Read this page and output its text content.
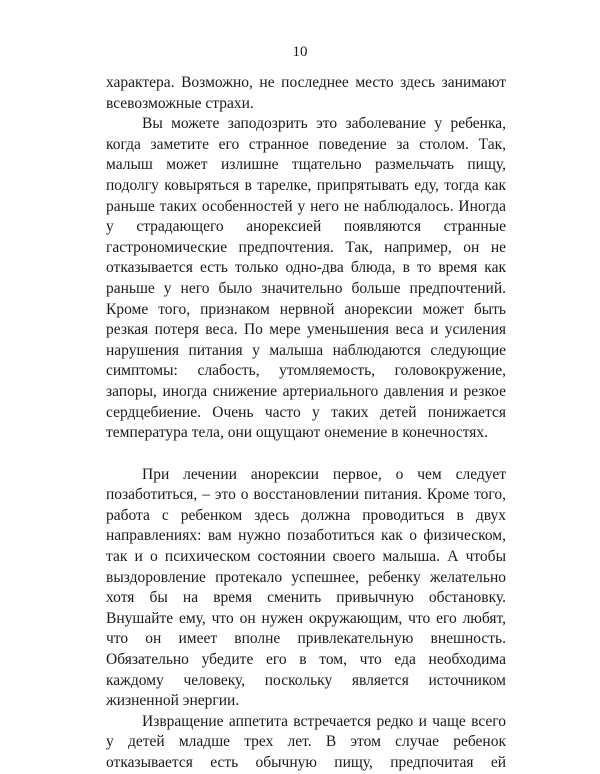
10
характера. Возможно, не последнее место здесь занимают
всевозможные страхи.
Вы можете заподозрить это заболевание у ребенка,
когда заметите его странное поведение за столом. Так,
малыш может излишне тщательно размельчать пищу,
подолгу ковыряться в тарелке, припрятывать еду, тогда как
раньше таких особенностей у него не наблюдалось. Иногда
у страдающего анорексией появляются странные
гастрономические предпочтения. Так, например, он не
отказывается есть только одно-два блюда, в то время как
раньше у него было значительно больше предпочтений.
Кроме того, признаком нервной анорексии может быть
резкая потеря веса. По мере уменьшения веса и усиления
нарушения питания у малыша наблюдаются следующие
симптомы: слабость, утомляемость, головокружение,
запоры, иногда снижение артериального давления и резкое
сердцебиение. Очень часто у таких детей понижается
температура тела, они ощущают онемение в конечностях.
При лечении анорексии первое, о чем следует
позаботиться, – это о восстановлении питания. Кроме того,
работа с ребенком здесь должна проводиться в двух
направлениях: вам нужно позаботиться как о физическом,
так и о психическом состоянии своего малыша. А чтобы
выздоровление протекало успешнее, ребенку желательно
хотя бы на время сменить привычную обстановку.
Внушайте ему, что он нужен окружающим, что его любят,
что он имеет вполне привлекательную внешность.
Обязательно убедите его в том, что еда необходима
каждому человеку, поскольку является источником
жизненной энергии.
Извращение аппетита встречается редко и чаще всего
у детей младше трех лет. В этом случае ребенок
отказывается есть обычную пищу, предпочитая ей
